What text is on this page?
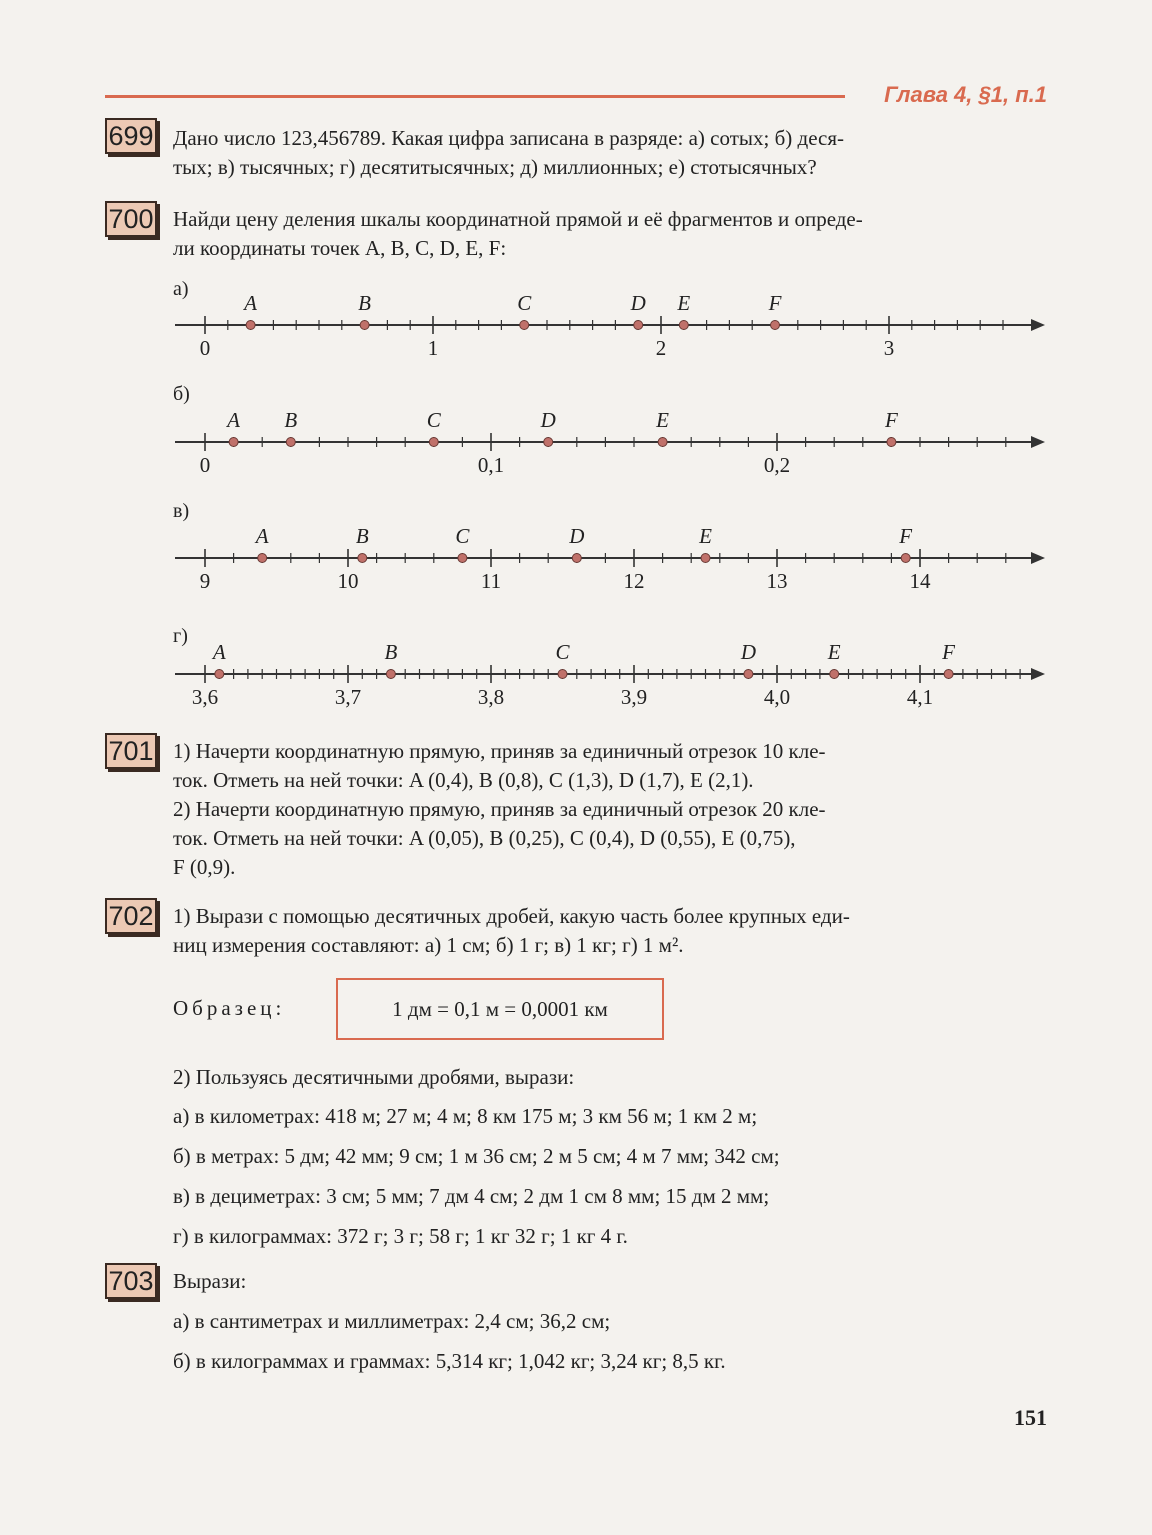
Глава 4, §1, п.1
699 Дано число 123,456789. Какая цифра записана в разряде: а) сотых; б) деся-
тых; в) тысячных; г) десятитысячных; д) миллионных; е) стотысячных?
700 Найди цену деления шкалы координатной прямой и её фрагментов и опреде-
ли координаты точек A, B, C, D, E, F:
а)
0	1	2	3
A	B	C	D E	F
б)
0	0,1	0,2
A B	C	D	E	F
в)
9	10	11	12	13	14
A	B	C	D	E	F
г)
3,6	3,7	3,8	3,9	4,0	4,1
A	B	C	D	E	F
701 1) Начерти координатную прямую, приняв за единичный отрезок 10 кле-
ток. Отметь на ней точки: A (0,4), B (0,8), C (1,3), D (1,7), E (2,1).
2) Начерти координатную прямую, приняв за единичный отрезок 20 кле-
ток. Отметь на ней точки: A (0,05), B (0,25), C (0,4), D (0,55), E (0,75),
F (0,9).
702 1) Вырази с помощью десятичных дробей, какую часть более крупных еди-
ниц измерения составляют: а) 1 см; б) 1 г; в) 1 кг; г) 1 м².
Образец:	1 дм = 0,1 м = 0,0001 км
2) Пользуясь десятичными дробями, вырази:
а) в километрах: 418 м; 27 м; 4 м; 8 км 175 м; 3 км 56 м; 1 км 2 м;
б) в метрах: 5 дм; 42 мм; 9 см; 1 м 36 см; 2 м 5 см; 4 м 7 мм; 342 см;
в) в дециметрах: 3 см; 5 мм; 7 дм 4 см; 2 дм 1 см 8 мм; 15 дм 2 мм;
г) в килограммах: 372 г; 3 г; 58 г; 1 кг 32 г; 1 кг 4 г.
703 Вырази:
а) в сантиметрах и миллиметрах: 2,4 см; 36,2 см;
б) в килограммах и граммах: 5,314 кг; 1,042 кг; 3,24 кг; 8,5 кг.
151
